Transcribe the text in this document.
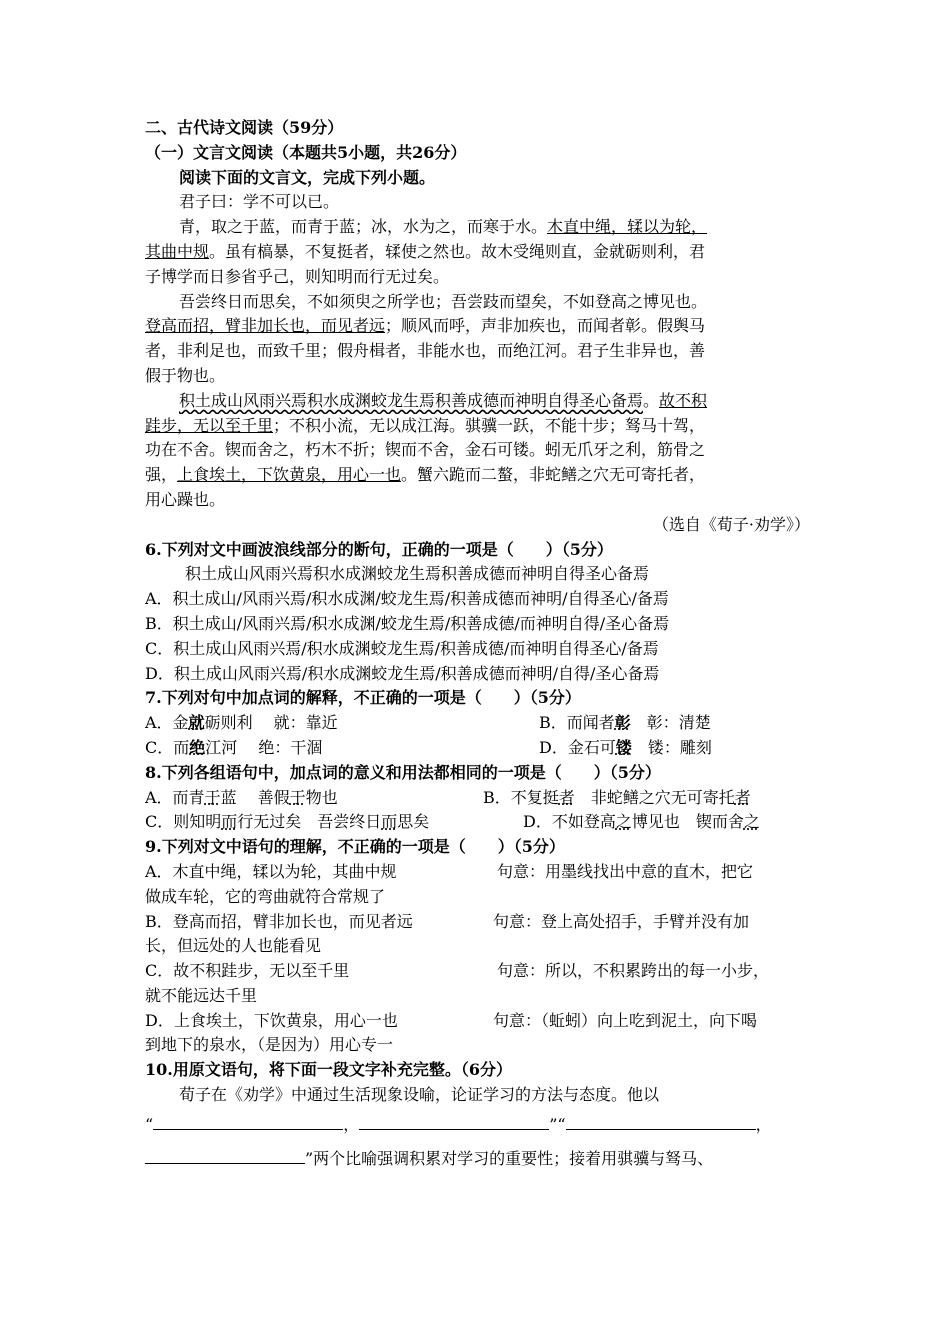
二、古代诗文阅读（59分）
（一）文言文阅读（本题共5小题，共26分）
阅读下面的文言文，完成下列小题。
君子曰：学不可以已。
青，取之于蓝，而青于蓝；冰，水为之，而寒于水。木直中绳，𫐓以为轮，
其曲中规。虽有槁暴，不复挺者，𫐓使之然也。故木受绳则直，金就砺则利，君
子博学而日参省乎己，则知明而行无过矣。
吾尝终日而思矣，不如须臾之所学也；吾尝跂而望矣，不如登高之博见也。
登高而招，臂非加长也，而见者远；顺风而呼，声非加疾也，而闻者彰。假舆马
者，非利足也，而致千里；假舟楫者，非能水也，而绝江河。君子生非异也，善
假于物也。
积土成山风雨兴焉积水成渊蛟龙生焉积善成德而神明自得圣心备焉。故不积
跬步，无以至千里；不积小流，无以成江海。骐骥一跃，不能十步；驽马十驾，
功在不舍。锲而舍之，朽木不折；锲而不舍，金石可镂。蚓无爪牙之利，筋骨之
强，上食埃土，下饮黄泉，用心一也。蟹六跪而二螯，非蛇鳝之穴无可寄托者，
用心躁也。
（选自《荀子·劝学》）
6.下列对文中画波浪线部分的断句，正确的一项是（　　）（5分）
积土成山风雨兴焉积水成渊蛟龙生焉积善成德而神明自得圣心备焉
A．积土成山/风雨兴焉/积水成渊/蛟龙生焉/积善成德而神明/自得圣心/备焉
B．积土成山/风雨兴焉/积水成渊/蛟龙生焉/积善成德/而神明自得/圣心备焉
C．积土成山风雨兴焉/积水成渊蛟龙生焉/积善成德/而神明自得圣心/备焉
D．积土成山风雨兴焉/积水成渊蛟龙生焉/积善成德而神明/自得/圣心备焉
7.下列对句中加点词的解释，不正确的一项是（　　）（5分）
A．金就砺则利　 就：靠近	B．而闻者彰　彰：清楚
C．而绝江河　 绝：干涸	D．金石可镂　镂：雕刻
8.下列各组语句中，加点词的意义和用法都相同的一项是（　　）（5分）
A．而青于蓝　 善假于物也	B．不复挺者　非蛇鳝之穴无可寄托者
C．则知明而行无过矣　吾尝终日而思矣	D．不如登高之博见也　锲而舍之
9.下列对文中语句的理解，不正确的一项是（　　）（5分）
A．木直中绳，𫐓以为轮，其曲中规	句意：用墨线找出中意的直木，把它
做成车轮，它的弯曲就符合常规了
B．登高而招，臂非加长也，而见者远	句意：登上高处招手，手臂并没有加
长，但远处的人也能看见
C．故不积跬步，无以至千里	句意：所以，不积累跨出的每一小步，
就不能远达千里
D．上食埃土，下饮黄泉，用心一也	句意：（蚯蚓）向上吃到泥土，向下喝
到地下的泉水，（是因为）用心专一
10.用原文语句，将下面一段文字补充完整。（6分）
荀子在《劝学》中通过生活现象设喻，论证学习的方法与态度。他以
“	，	”“	，
”两个比喻强调积累对学习的重要性；接着用骐骥与驽马、
